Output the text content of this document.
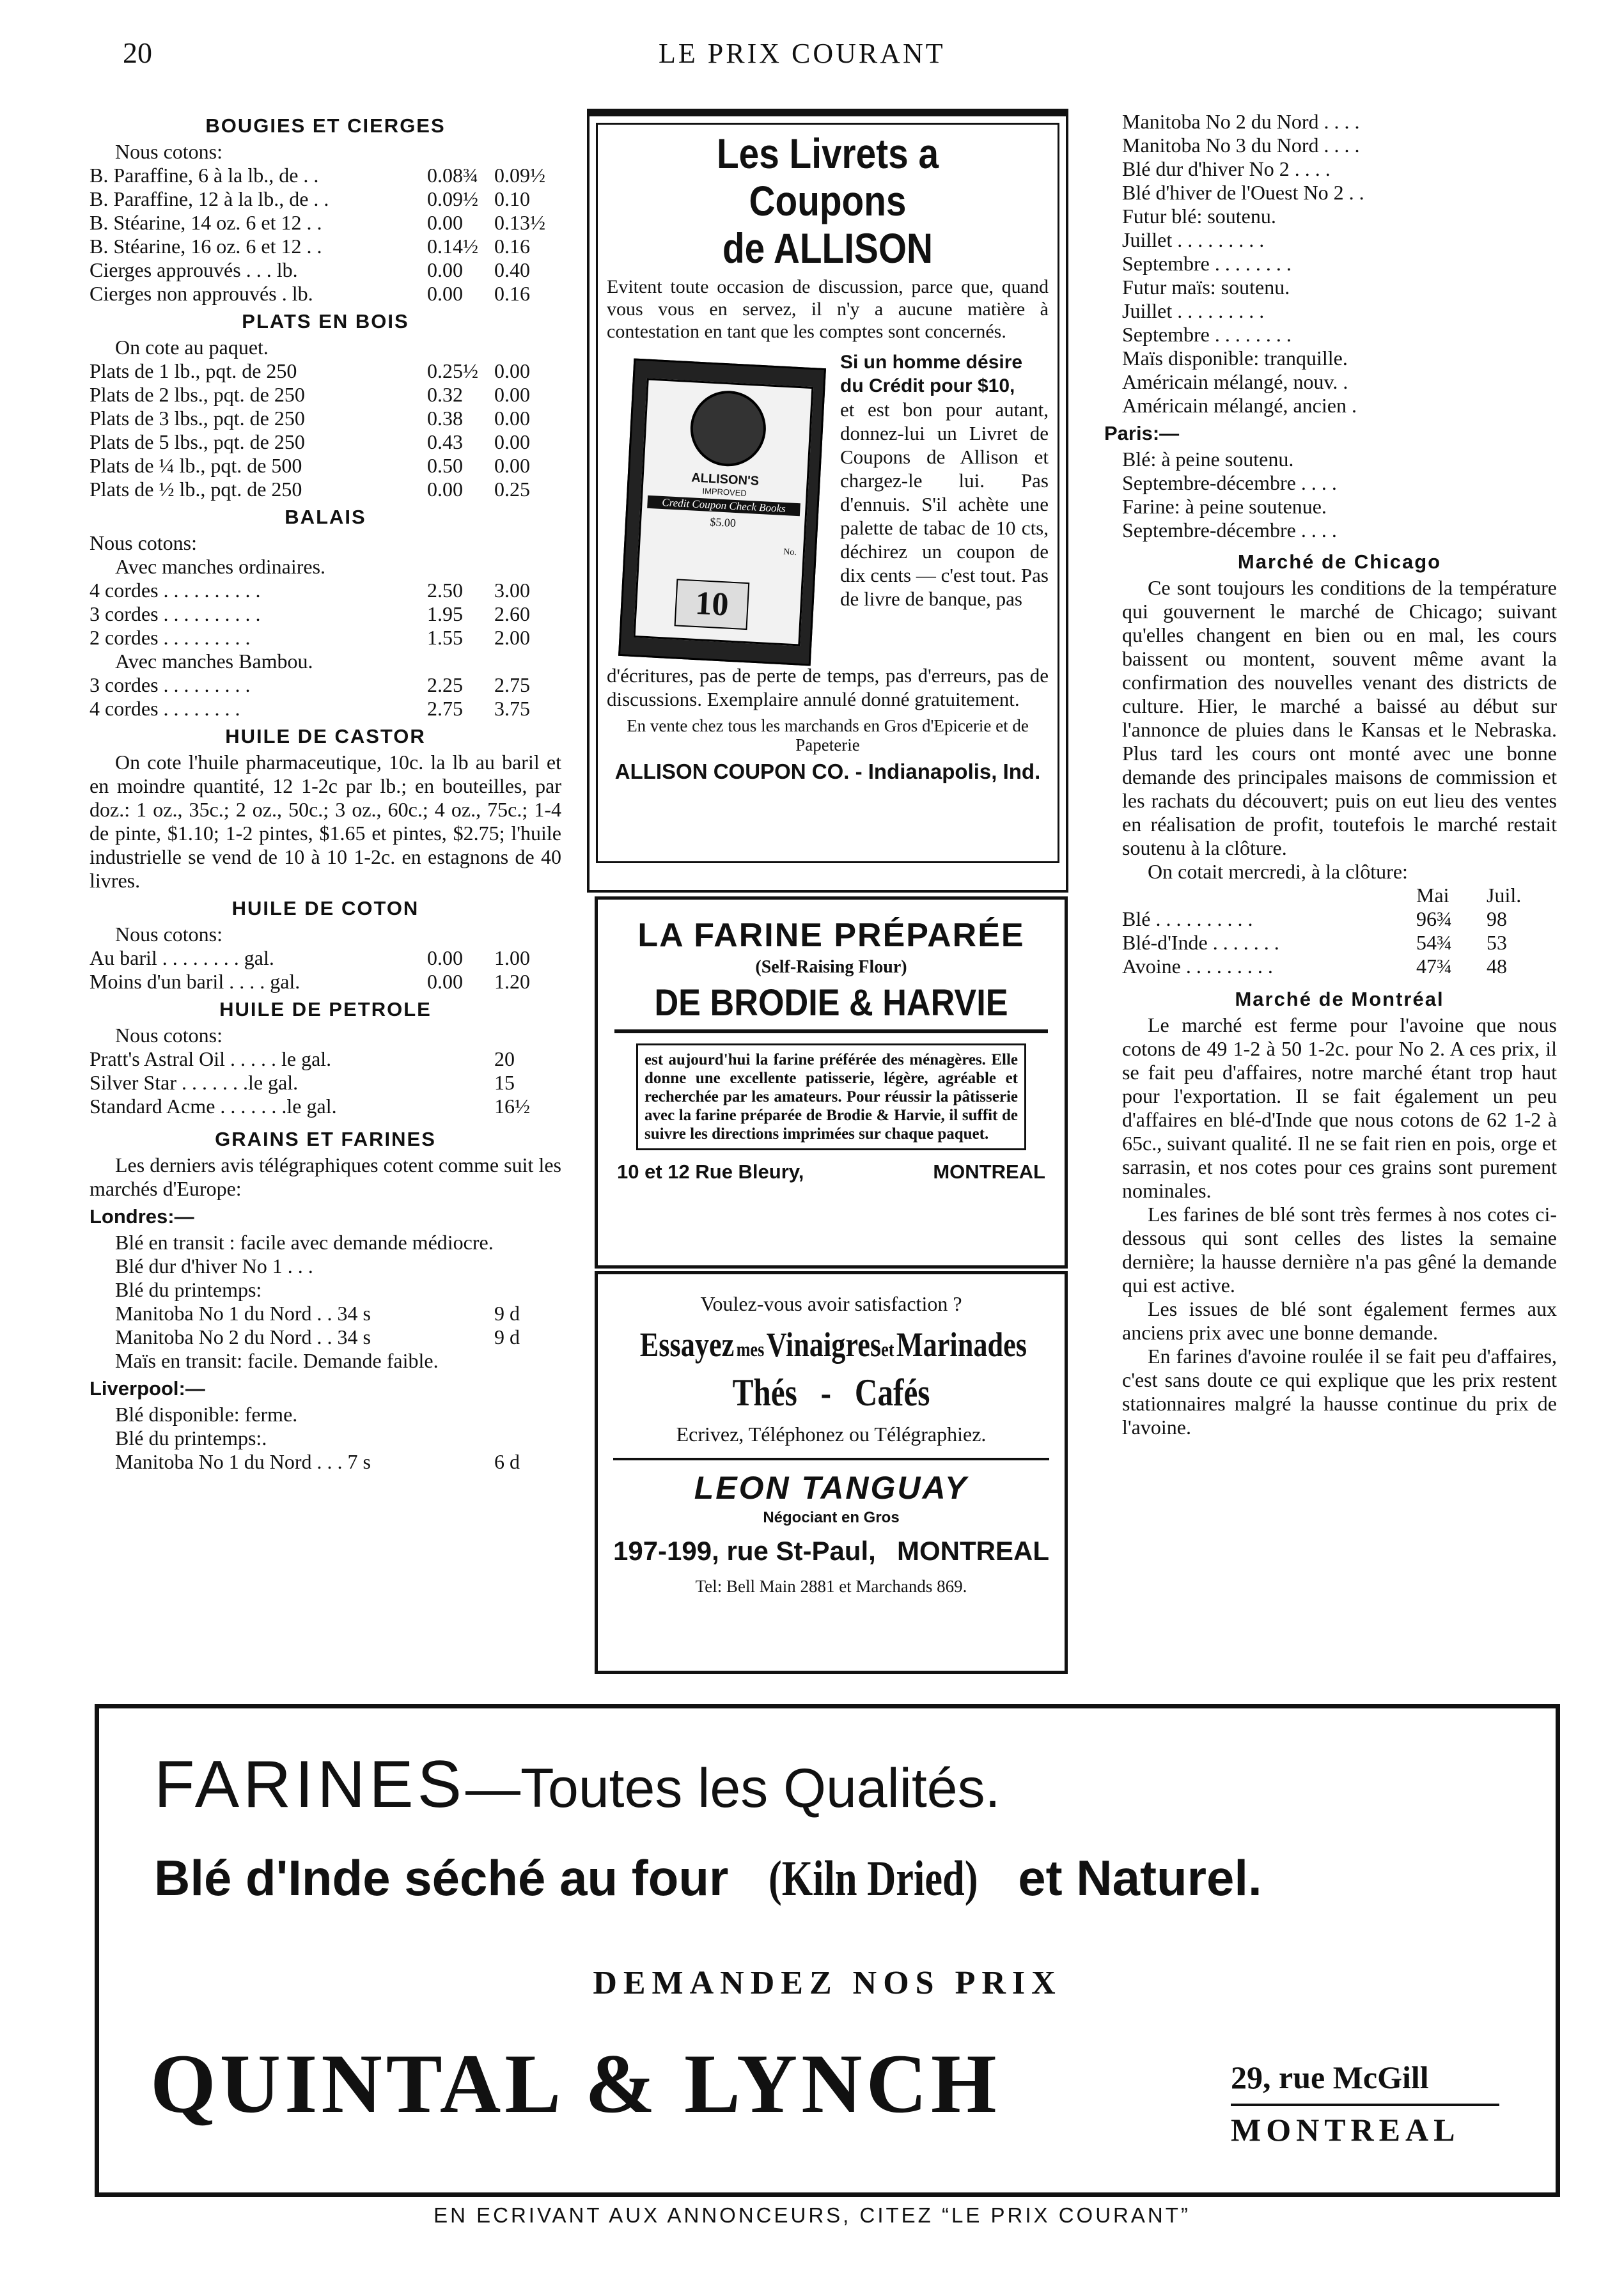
20	LE PRIX COURANT
BOUGIES ET CIERGES
Nous cotons:
B. Paraffine, 6 à la lb., de . .	0.08¾ 0.09½
B. Paraffine, 12 à la lb., de . .	0.09½ 0.10
B. Stéarine, 14 oz. 6 et 12 . .	0.00	0.13½
B. Stéarine, 16 oz. 6 et 12 . .	0.14½ 0.16
Cierges approuvés . . . lb.	0.00	0.40
Cierges non approuvés . lb.	0.00	0.16
PLATS EN BOIS
On cote au paquet.
Plats de 1 lb., pqt. de 250	0.25½ 0.00
Plats de 2 lbs., pqt. de 250	0.32	0.00
Plats de 3 lbs., pqt. de 250	0.38	0.00
Plats de 5 lbs., pqt. de 250	0.43	0.00
Plats de ¼ lb., pqt. de 500	0.50	0.00
Plats de ½ lb., pqt. de 250	0.00	0.25
BALAIS
Nous cotons:
Avec manches ordinaires.
4 cordes . . . . . . . . . .	2.50	3.00
3 cordes . . . . . . . . . .	1.95	2.60
2 cordes . . . . . . . . .	1.55	2.00
Avec manches Bambou.
3 cordes . . . . . . . . .	2.25	2.75
4 cordes . . . . . . . .	2.75	3.75
HUILE DE CASTOR
On cote l'huile pharmaceutique, 10c. la lb au baril et en moindre quantité, 12 1-2c par lb.; en bouteilles, par doz.: 1 oz., 35c.; 2 oz., 50c.; 3 oz., 60c.; 4 oz., 75c.; 1-4 de pinte, $1.10; 1-2 pintes, $1.65 et pintes, $2.75; l'huile industrielle se vend de 10 à 10 1-2c. en estagnons de 40 livres.
HUILE DE COTON
Nous cotons:
Au baril . . . . . . . . gal.	0.00	1.00
Moins d'un baril . . . . gal.	0.00	1.20
HUILE DE PETROLE
Nous cotons:
Pratt's Astral Oil . . . . . le gal.	20
Silver Star . . . . . . .le gal.	15
Standard Acme . . . . . . .le gal.	16½
GRAINS ET FARINES
Les derniers avis télégraphiques cotent comme suit les marchés d'Europe:
Londres:—
Blé en transit : facile avec demande médiocre.
Blé dur d'hiver No 1 . . .
Blé du printemps:
Manitoba No 1 du Nord . . 34 s	9 d
Manitoba No 2 du Nord . . 34 s	9 d
Maïs en transit: facile. Demande faible.
Liverpool:—
Blé disponible: ferme.
Blé du printemps:.
Manitoba No 1 du Nord . . . 7 s	6 d
Les Livrets a Coupons
de ALLISON
Evitent toute occasion de discussion, parce que, quand vous vous en servez, il n'y a aucune matière à contestation en tant que les comptes sont concernés.
ALLISON'S
IMPROVED
Credit Coupon Check Books
$5.00
No.
10
Si un homme désire
du Crédit pour $10,
et est bon pour autant, donnez-lui un Livret de Coupons de Allison et chargez-le lui. Pas d'ennuis. S'il achète une palette de tabac de 10 cts, déchirez un coupon de dix cents — c'est tout. Pas de livre de banque, pas
d'écritures, pas de perte de temps, pas d'erreurs, pas de discussions. Exemplaire annulé donné gratuitement.
En vente chez tous les marchands en Gros d'Epicerie et de Papeterie
ALLISON COUPON CO. - Indianapolis, Ind.
LA FARINE PRÉPARÉE
(Self-Raising Flour)
DE BRODIE & HARVIE
est aujourd'hui la farine préférée des ménagères. Elle donne une excellente patisserie, légère, agréable et recherchée par les amateurs. Pour réussir la pâtisserie avec la farine préparée de Brodie & Harvie, il suffit de suivre les directions imprimées sur chaque paquet.
10 et 12 Rue Bleury,	MONTREAL
Voulez-vous avoir satisfaction ?
Essayez mes Vinaigreset Marinades
Thés - Cafés
Ecrivez, Téléphonez ou Télégraphiez.
LEON TANGUAY
Négociant en Gros
197-199, rue St-Paul, MONTREAL
Tel: Bell Main 2881 et Marchands 869.
Manitoba No 2 du Nord . . . .
Manitoba No 3 du Nord . . . .
Blé dur d'hiver No 2 . . . .
Blé d'hiver de l'Ouest No 2 . .
Futur blé: soutenu.
Juillet . . . . . . . . .
Septembre . . . . . . . .
Futur maïs: soutenu.
Juillet . . . . . . . . .
Septembre . . . . . . . .
Maïs disponible: tranquille.
Américain mélangé, nouv. .
Américain mélangé, ancien .
Paris:—
Blé: à peine soutenu.
Septembre-décembre . . . .
Farine: à peine soutenue.
Septembre-décembre . . . .
Marché de Chicago
Ce sont toujours les conditions de la température qui gouvernent le marché de Chicago; suivant qu'elles changent en bien ou en mal, les cours baissent ou montent, souvent même avant la confirmation des nouvelles venant des districts de culture. Hier, le marché a baissé au début sur l'annonce de pluies dans le Kansas et le Nebraska. Plus tard les cours ont monté avec une bonne demande des principales maisons de commission et les rachats du découvert; puis on eut lieu des ventes en réalisation de profit, toutefois le marché restait soutenu à la clôture.
On cotait mercredi, à la clôture:
Mai	Juil.
Blé . . . . . . . . . .	96¾	98
Blé-d'Inde . . . . . . .	54¾	53
Avoine . . . . . . . . .	47¾	48
Marché de Montréal
Le marché est ferme pour l'avoine que nous cotons de 49 1-2 à 50 1-2c. pour No 2. A ces prix, il se fait peu d'affaires, notre marché étant trop haut pour l'exportation. Il se fait également un peu d'affaires en blé-d'Inde que nous cotons de 62 1-2 à 65c., suivant qualité. Il ne se fait rien en pois, orge et sarrasin, et nos cotes pour ces grains sont purement nominales.
Les farines de blé sont très fermes à nos cotes ci-dessous qui sont celles des listes la semaine dernière; la hausse dernière n'a pas gêné la demande qui est active.
Les issues de blé sont également fermes aux anciens prix avec une bonne demande.
En farines d'avoine roulée il se fait peu d'affaires, c'est sans doute ce qui explique que les prix restent stationnaires malgré la hausse continue du prix de l'avoine.
FARINES—Toutes les Qualités.
Blé d'Inde séché au four (Kiln Dried) et Naturel.
DEMANDEZ NOS PRIX
QUINTAL & LYNCH	29, rue McGill
MONTREAL
EN ECRIVANT AUX ANNONCEURS, CITEZ “LE PRIX COURANT”
